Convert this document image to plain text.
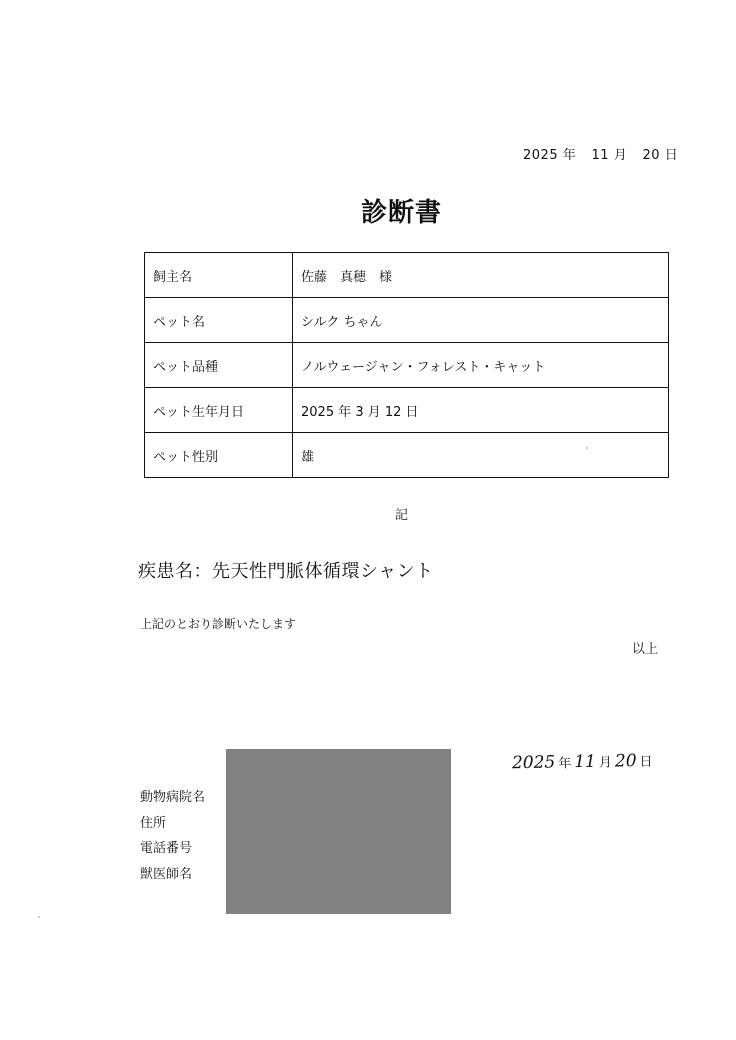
2025 年 11 月 20 日
診断書
飼主名	佐藤　真穂　様
ペット名	シルク ちゃん
ペット品種	ノルウェージャン・フォレスト・キャット
ペット生年月日	2025 年 3 月 12 日
ペット性別	雄
記
疾患名：先天性門脈体循環シャント
上記のとおり診断いたします
以上
2025 年 11 月 20 日
動物病院名
住所
電話番号
獣医師名
